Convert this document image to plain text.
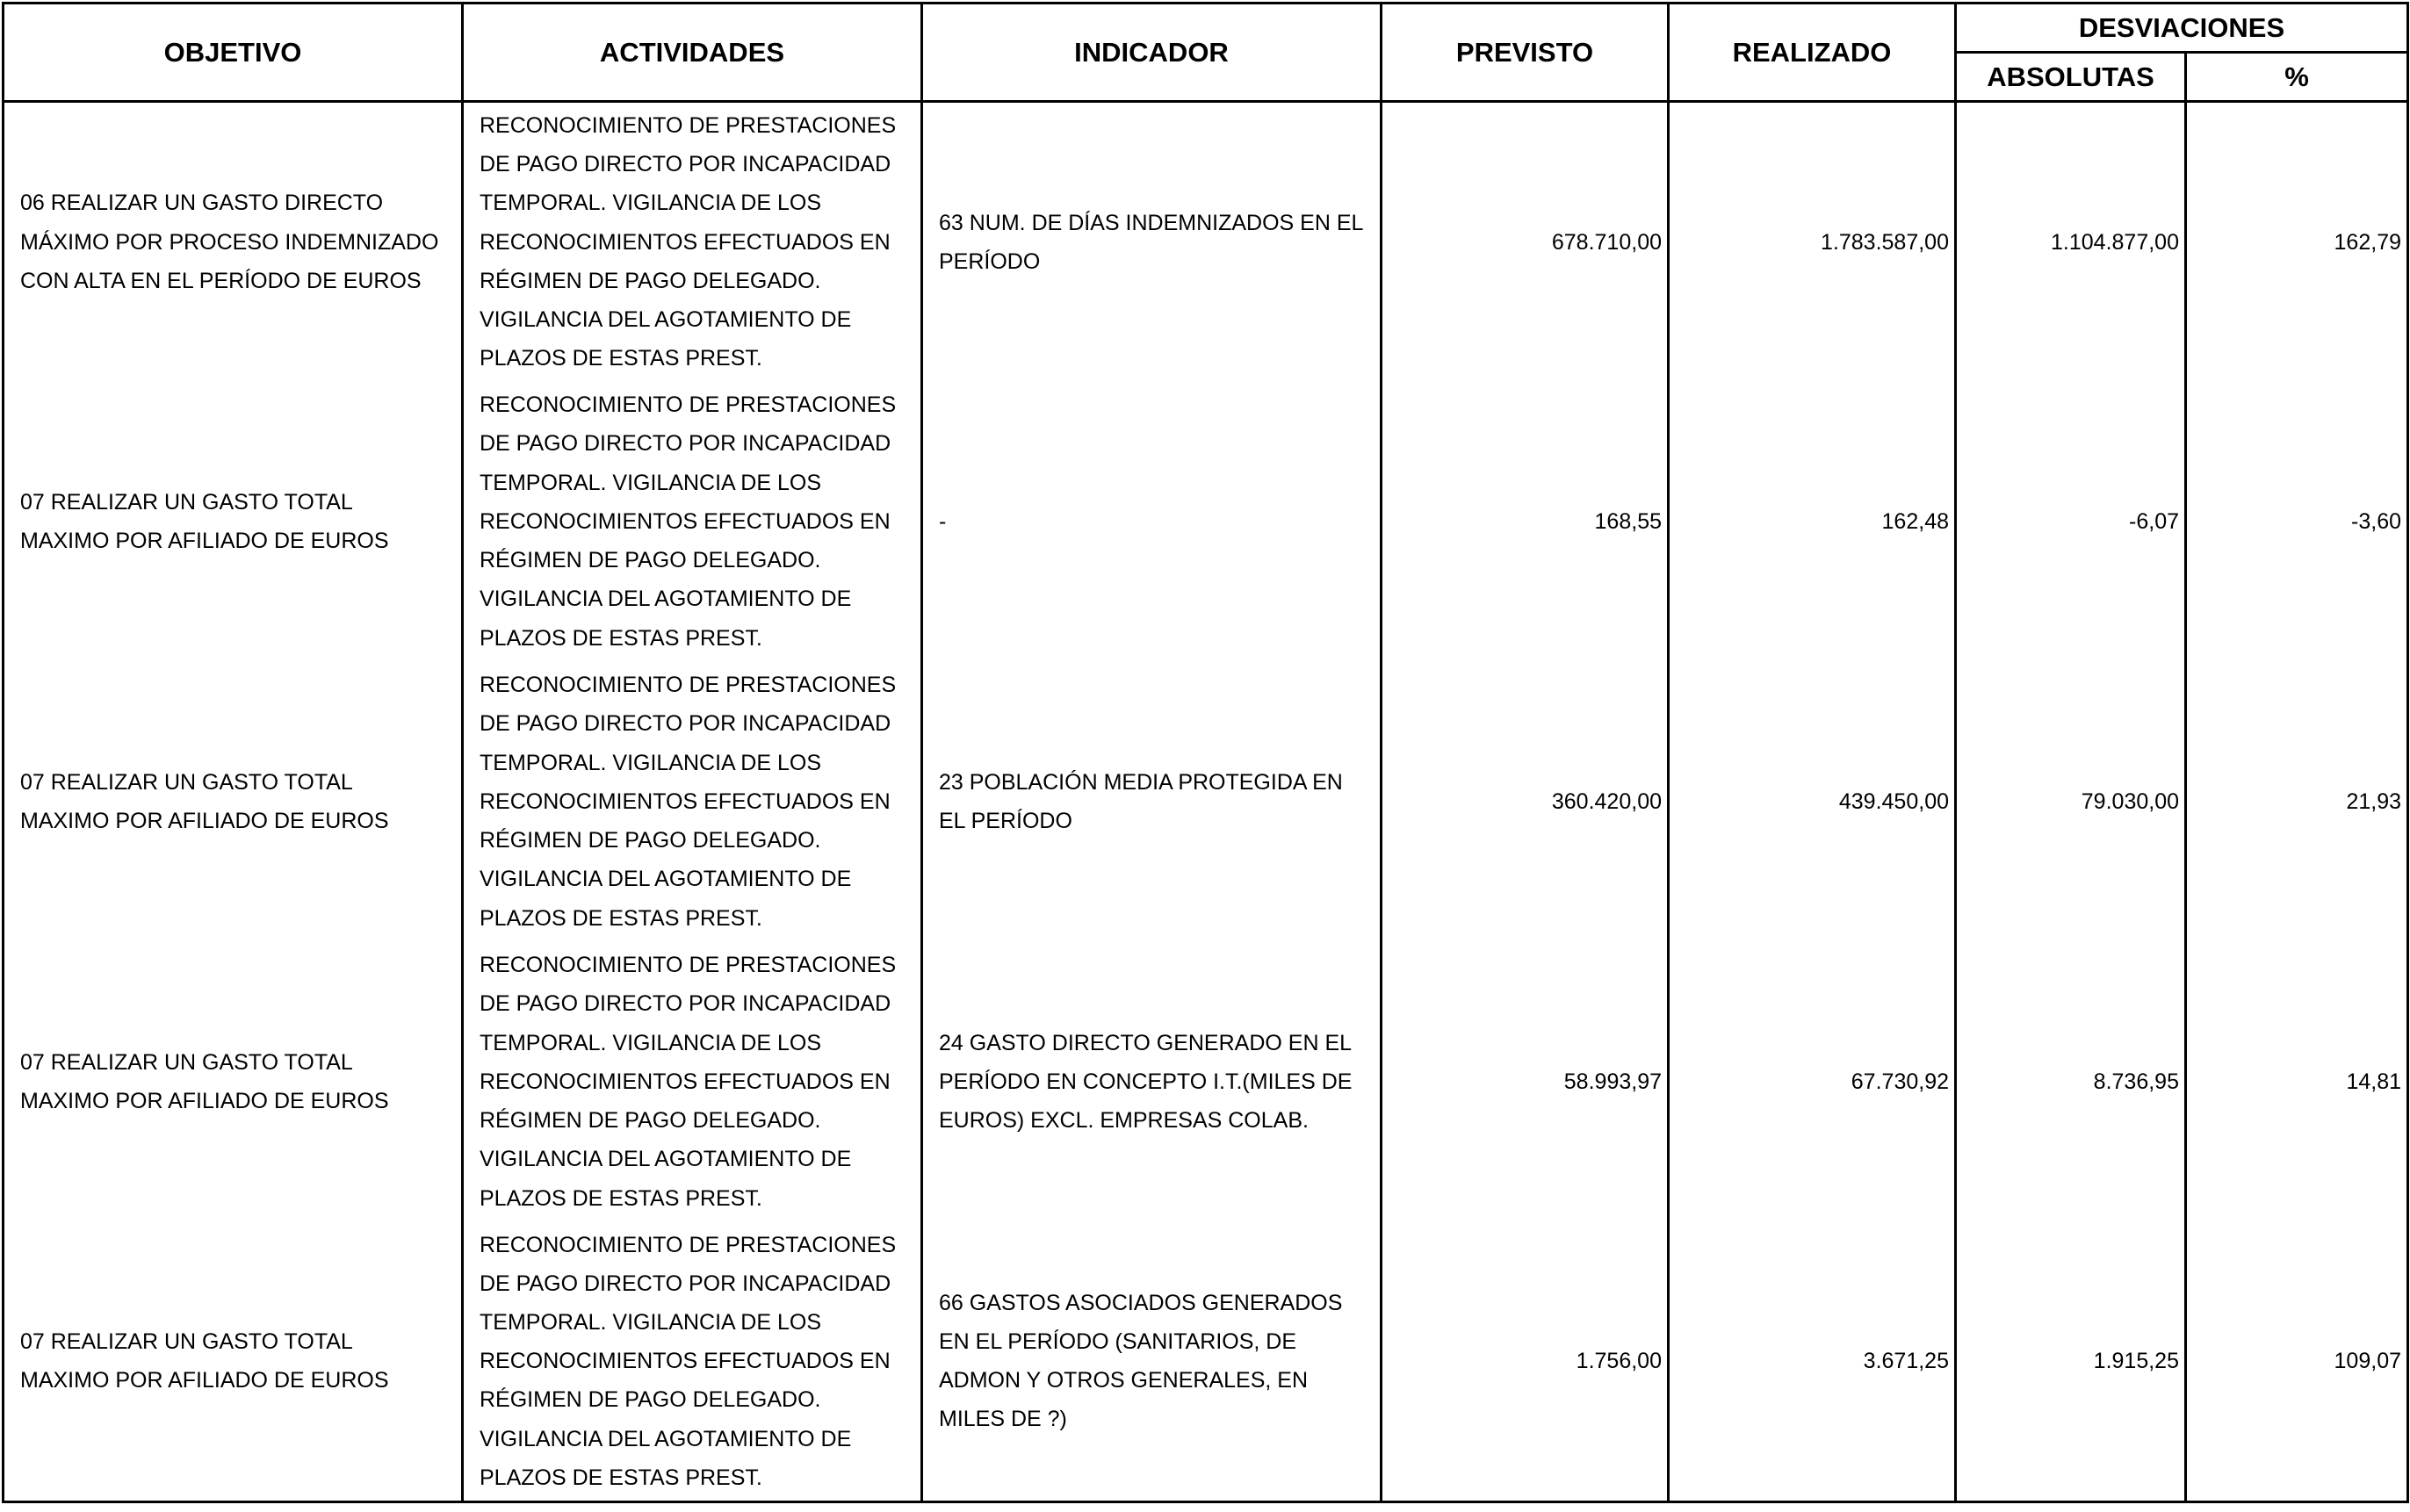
OBJETIVO	ACTIVIDADES	INDICADOR	PREVISTO	REALIZADO	DESVIACIONES	
					ABSOLUTAS	%
06 REALIZAR UN GASTO DIRECTO MÁXIMO POR PROCESO INDEMNIZADO CON ALTA EN EL PERÍODO DE EUROS	RECONOCIMIENTO DE PRESTACIONES DE PAGO DIRECTO POR INCAPACIDAD TEMPORAL. VIGILANCIA DE LOS RECONOCIMIENTOS EFECTUADOS EN RÉGIMEN DE PAGO DELEGADO. VIGILANCIA DEL AGOTAMIENTO DE PLAZOS DE ESTAS PREST.	63 NUM. DE DÍAS INDEMNIZADOS EN EL PERÍODO	678.710,00	1.783.587,00	1.104.877,00	162,79
07 REALIZAR UN GASTO TOTAL MAXIMO POR AFILIADO DE EUROS	RECONOCIMIENTO DE PRESTACIONES DE PAGO DIRECTO POR INCAPACIDAD TEMPORAL. VIGILANCIA DE LOS RECONOCIMIENTOS EFECTUADOS EN RÉGIMEN DE PAGO DELEGADO. VIGILANCIA DEL AGOTAMIENTO DE PLAZOS DE ESTAS PREST.	-	168,55	162,48	-6,07	-3,60
07 REALIZAR UN GASTO TOTAL MAXIMO POR AFILIADO DE EUROS	RECONOCIMIENTO DE PRESTACIONES DE PAGO DIRECTO POR INCAPACIDAD TEMPORAL. VIGILANCIA DE LOS RECONOCIMIENTOS EFECTUADOS EN RÉGIMEN DE PAGO DELEGADO. VIGILANCIA DEL AGOTAMIENTO DE PLAZOS DE ESTAS PREST.	23 POBLACIÓN MEDIA PROTEGIDA EN EL PERÍODO	360.420,00	439.450,00	79.030,00	21,93
07 REALIZAR UN GASTO TOTAL MAXIMO POR AFILIADO DE EUROS	RECONOCIMIENTO DE PRESTACIONES DE PAGO DIRECTO POR INCAPACIDAD TEMPORAL. VIGILANCIA DE LOS RECONOCIMIENTOS EFECTUADOS EN RÉGIMEN DE PAGO DELEGADO. VIGILANCIA DEL AGOTAMIENTO DE PLAZOS DE ESTAS PREST.	24 GASTO DIRECTO GENERADO EN EL PERÍODO EN CONCEPTO I.T.(MILES DE EUROS) EXCL. EMPRESAS COLAB.	58.993,97	67.730,92	8.736,95	14,81
07 REALIZAR UN GASTO TOTAL MAXIMO POR AFILIADO DE EUROS	RECONOCIMIENTO DE PRESTACIONES DE PAGO DIRECTO POR INCAPACIDAD TEMPORAL. VIGILANCIA DE LOS RECONOCIMIENTOS EFECTUADOS EN RÉGIMEN DE PAGO DELEGADO. VIGILANCIA DEL AGOTAMIENTO DE PLAZOS DE ESTAS PREST.	66 GASTOS ASOCIADOS GENERADOS EN EL PERÍODO (SANITARIOS, DE ADMON Y OTROS GENERALES, EN MILES DE ?)	1.756,00	3.671,25	1.915,25	109,07
